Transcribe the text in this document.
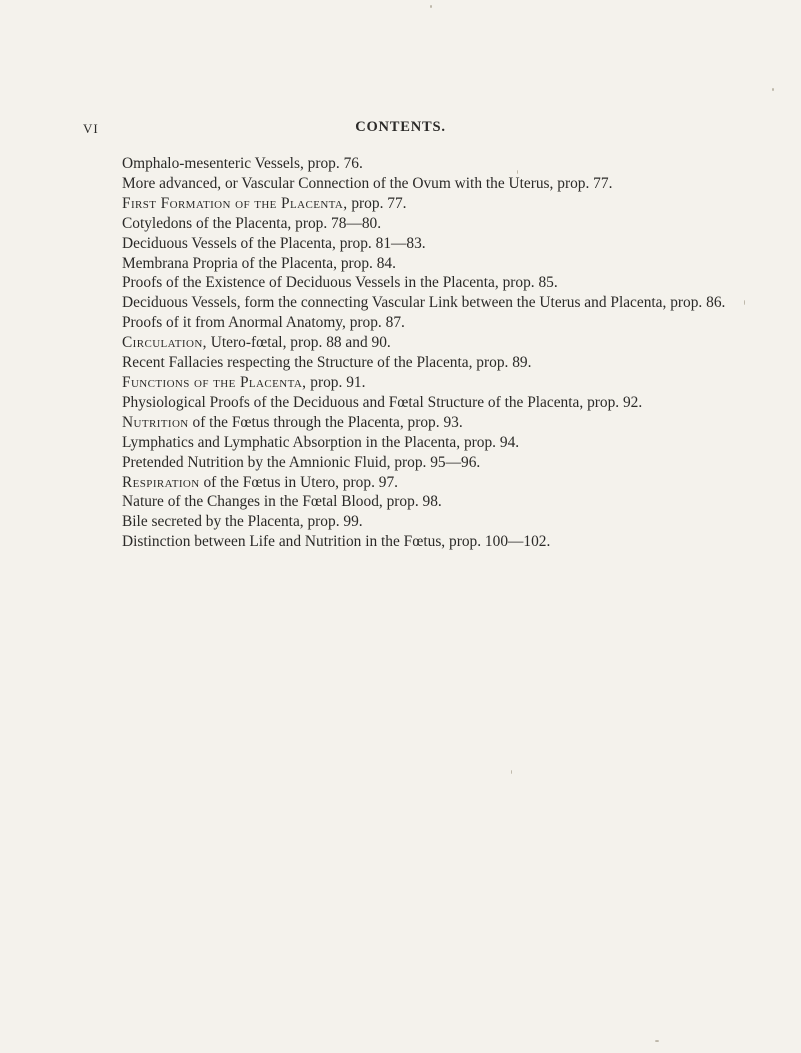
VI	CONTENTS.
Omphalo-mesenteric Vessels, prop. 76.
More advanced, or Vascular Connection of the Ovum with the Uterus, prop. 77.
First Formation of the Placenta, prop. 77.
Cotyledons of the Placenta, prop. 78—80.
Deciduous Vessels of the Placenta, prop. 81—83.
Membrana Propria of the Placenta, prop. 84.
Proofs of the Existence of Deciduous Vessels in the Placenta, prop. 85.
Deciduous Vessels, form the connecting Vascular Link between the Uterus and Placenta, prop. 86.
Proofs of it from Anormal Anatomy, prop. 87.
Circulation, Utero-fœtal, prop. 88 and 90.
Recent Fallacies respecting the Structure of the Placenta, prop. 89.
Functions of the Placenta, prop. 91.
Physiological Proofs of the Deciduous and Fœtal Structure of the Placenta, prop. 92.
Nutrition of the Fœtus through the Placenta, prop. 93.
Lymphatics and Lymphatic Absorption in the Placenta, prop. 94.
Pretended Nutrition by the Amnionic Fluid, prop. 95—96.
Respiration of the Fœtus in Utero, prop. 97.
Nature of the Changes in the Fœtal Blood, prop. 98.
Bile secreted by the Placenta, prop. 99.
Distinction between Life and Nutrition in the Fœtus, prop. 100—102.
